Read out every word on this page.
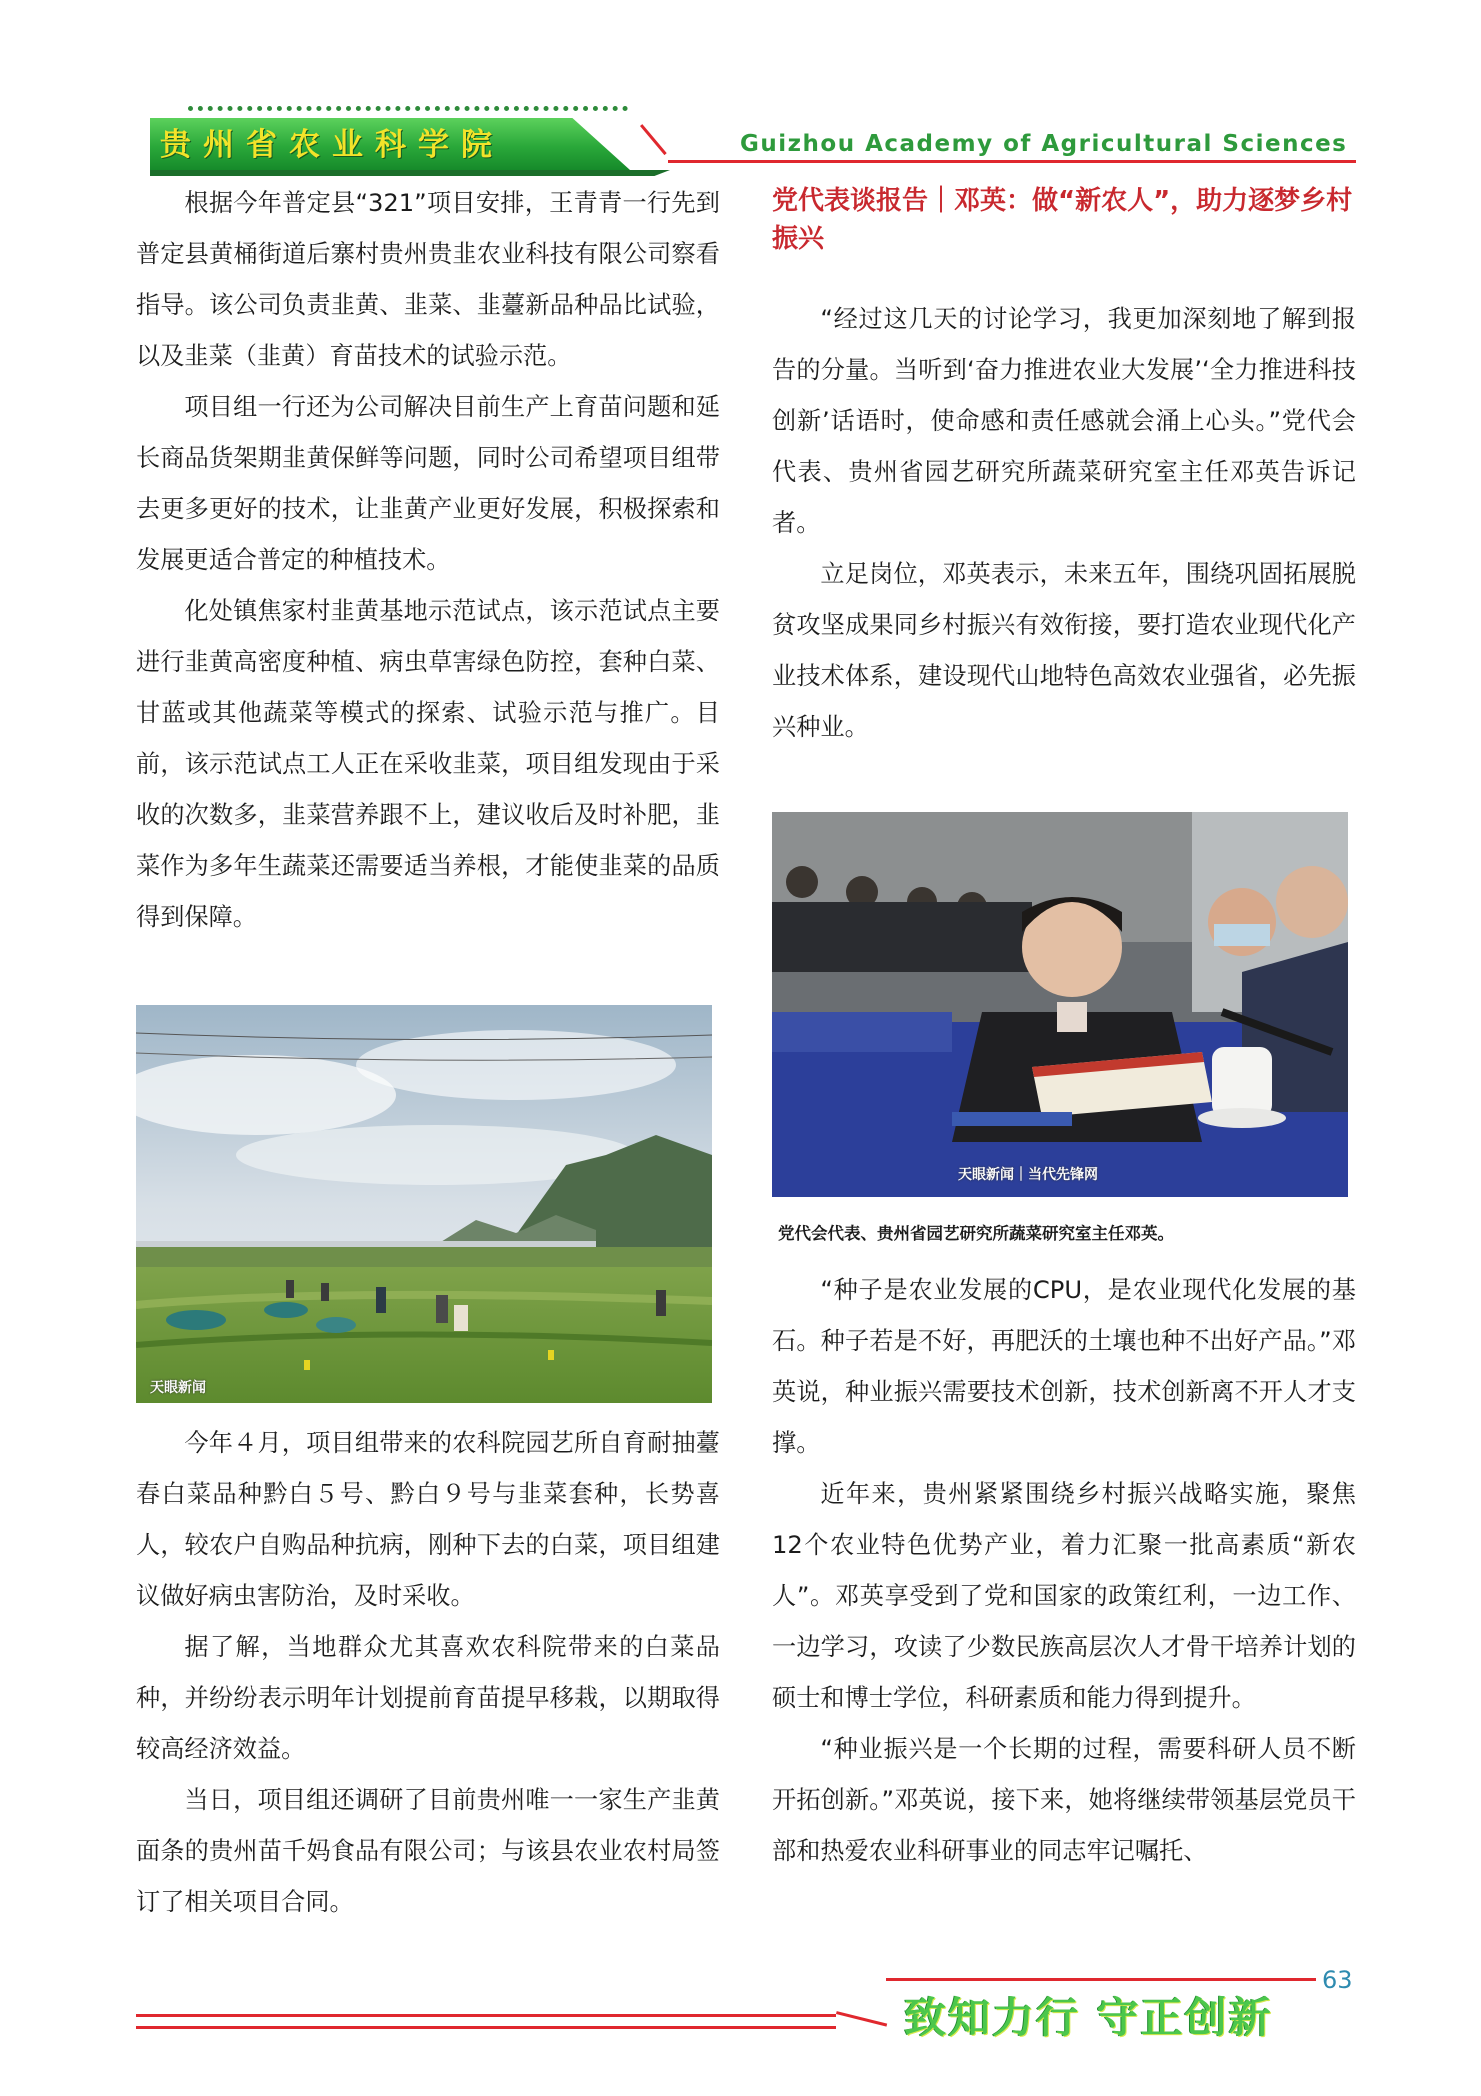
贵州省农业科学院	Guizhou Academy of Agricultural Sciences

根据今年普定县“321”项目安排，王青青一行先到普定县黄桶街道后寨村贵州贵韭农业科技有限公司察看指导。该公司负责韭黄、韭菜、韭薹新品种品比试验，以及韭菜（韭黄）育苗技术的试验示范。

项目组一行还为公司解决目前生产上育苗问题和延长商品货架期韭黄保鲜等问题，同时公司希望项目组带去更多更好的技术，让韭黄产业更好发展，积极探索和发展更适合普定的种植技术。

化处镇焦家村韭黄基地示范试点，该示范试点主要进行韭黄高密度种植、病虫草害绿色防控，套种白菜、甘蓝或其他蔬菜等模式的探索、试验示范与推广。目前，该示范试点工人正在采收韭菜，项目组发现由于采收的次数多，韭菜营养跟不上，建议收后及时补肥，韭菜作为多年生蔬菜还需要适当养根，才能使韭菜的品质得到保障。

天眼新闻

今年４月，项目组带来的农科院园艺所自育耐抽薹春白菜品种黔白５号、黔白９号与韭菜套种，长势喜人，较农户自购品种抗病，刚种下去的白菜，项目组建议做好病虫害防治，及时采收。

据了解，当地群众尤其喜欢农科院带来的白菜品种，并纷纷表示明年计划提前育苗提早移栽，以期取得较高经济效益。

当日，项目组还调研了目前贵州唯一一家生产韭黄面条的贵州苗千妈食品有限公司；与该县农业农村局签订了相关项目合同。

党代表谈报告｜邓英：做“新农人”，助力逐梦乡村振兴

“经过这几天的讨论学习，我更加深刻地了解到报告的分量。当听到‘奋力推进农业大发展’‘全力推进科技创新’话语时，使命感和责任感就会涌上心头。”党代会代表、贵州省园艺研究所蔬菜研究室主任邓英告诉记者。

立足岗位，邓英表示，未来五年，围绕巩固拓展脱贫攻坚成果同乡村振兴有效衔接，要打造农业现代化产业技术体系，建设现代山地特色高效农业强省，必先振兴种业。

天眼新闻｜当代先锋网
党代会代表、贵州省园艺研究所蔬菜研究室主任邓英。

“种子是农业发展的CPU，是农业现代化发展的基石。种子若是不好，再肥沃的土壤也种不出好产品。”邓英说，种业振兴需要技术创新，技术创新离不开人才支撑。

近年来，贵州紧紧围绕乡村振兴战略实施，聚焦12个农业特色优势产业，着力汇聚一批高素质“新农人”。邓英享受到了党和国家的政策红利，一边工作、一边学习，攻读了少数民族高层次人才骨干培养计划的硕士和博士学位，科研素质和能力得到提升。

“种业振兴是一个长期的过程，需要科研人员不断开拓创新。”邓英说，接下来，她将继续带领基层党员干部和热爱农业科研事业的同志牢记嘱托、

63
致知力行 守正创新
